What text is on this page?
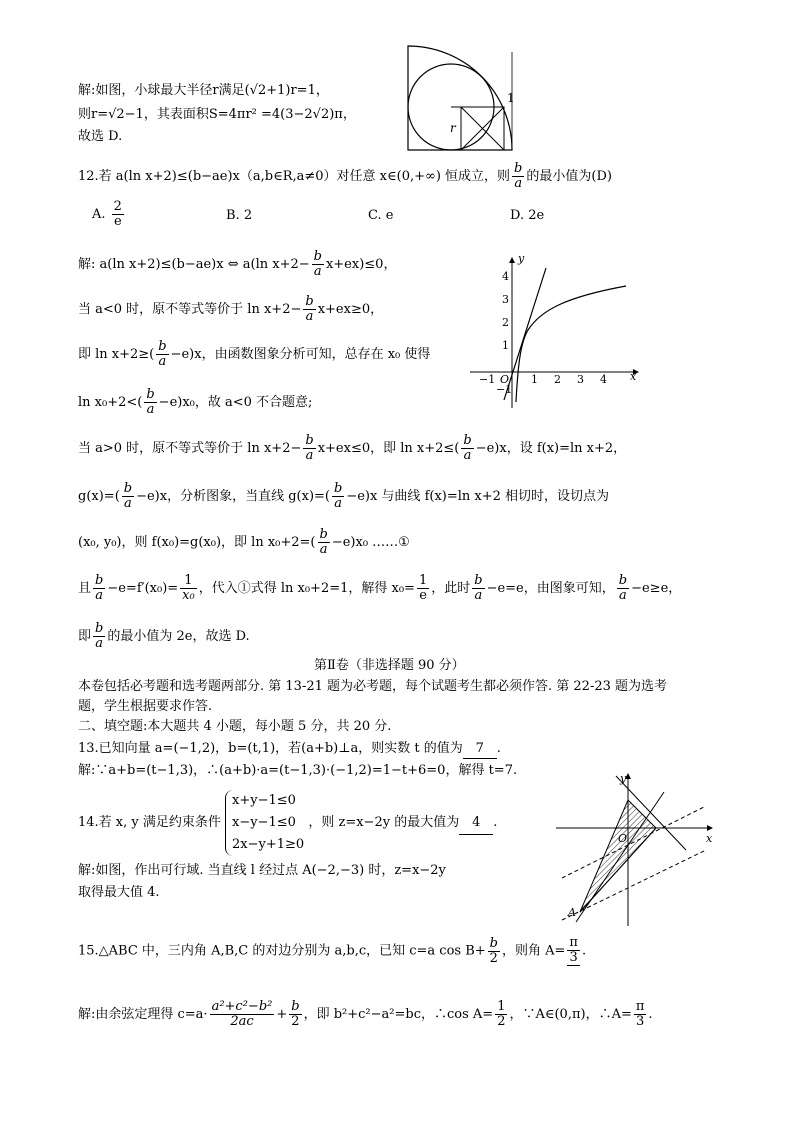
解:如图，小球最大半径r满足(√2+1)r=1，
则r=√2−1，其表面积S=4πr² =4(3−2√2)π，
故选 D.
1
r
12.若 a(ln x+2)≤(b−ae)x（a,b∈R,a≠0）对任意 x∈(0,+∞) 恒成立，则 $\frac{b}{a}$ 的最小值为(D)
A. $\frac{2}{e}$	B. 2	C. e	D. 2e
解: a(ln x+2)≤(b−ae)x ⇔ a(ln $x+2- \frac{b}{a} x+ex)\le 0$，
当 a<0 时，原不等式等价于 $\ln x+2- \frac{b}{a} x+ex\ge 0$，
即 $\ln x+2\ge( \frac{b}{a} -e)x$，由函数图象分析可知，总存在 x₀ 使得
$\ln x_0+2<( \frac{b}{a} -e)x_0$，故 a<0 不合题意;
当 a>0 时，原不等式等价于 $\ln x+2- \frac{b}{a} x+ex\le 0$，即 $\ln x+2\le( \frac{b}{a} -e)x$，设 f(x)=ln x+2，
$g(x)=( \frac{b}{a} -e)x$，分析图象，当直线 $g(x)=( \frac{b}{a} -e)x$ 与曲线 f(x)=ln x+2 相切时，设切点为
(x₀, y₀)，则 f(x₀)=g(x₀)，即 $\ln x_0+2=( \frac{b}{a} -e)x_0$ ……①
且 $\frac{b}{a} -e=f'(x_0)= \frac{1}{\text{x₀}}$ ，代入①式得 ln x₀+2=1，解得 $x_0= \frac{1}{e}$ ，此时 $\frac{b}{a} -e=e$，由图象可知， $\frac{b}{a} -e\ge e$，
即 $\frac{b}{a}$ 的最小值为 2e，故选 D.
y
x
O
−1	1 2 3 4
4
3
2
1
−1
第Ⅱ卷（非选择题 90 分）
本卷包括必考题和选考题两部分. 第 13-21 题为必考题，每个试题考生都必须作答. 第 22-23 题为选考
题，学生根据要求作答.
二、填空题:本大题共 4 小题，每小题 5 分，共 20 分.
13.已知向量 a=(−1,2)，b=(t,1)，若(a+b)⊥a，则实数 t 的值为 7 .
解:∵a+b=(t−1,3)，∴(a+b)·a=(t−1,3)·(−1,2)=1−t+6=0，解得 t=7.
14.若 x, y 满足约束条件
x+y−1≤0
x−y−1≤0
2x−y+1≥0
，则 z=x−2y 的最大值为 4 .
解:如图，作出可行域. 当直线 l 经过点 A(−2,−3) 时，z=x−2y
取得最大值 4.
y
x
A
15.△ABC 中，三内角 A,B,C 的对边分别为 a,b,c，已知 c=a $\cos B+ \frac{b}{2}$ ，则角 $A= \frac{\pi}{3}$ .
解:由余弦定理得 $c=a\cdot \frac{\text{a²+c²−b²}}{2ac} + \frac{b}{2}$ ，即 b²+c²−a²=bc，∴cos $A= \frac{1}{2}$ ，∵A∈(0,π)，∴A= $\frac{\pi}{3}$ .
